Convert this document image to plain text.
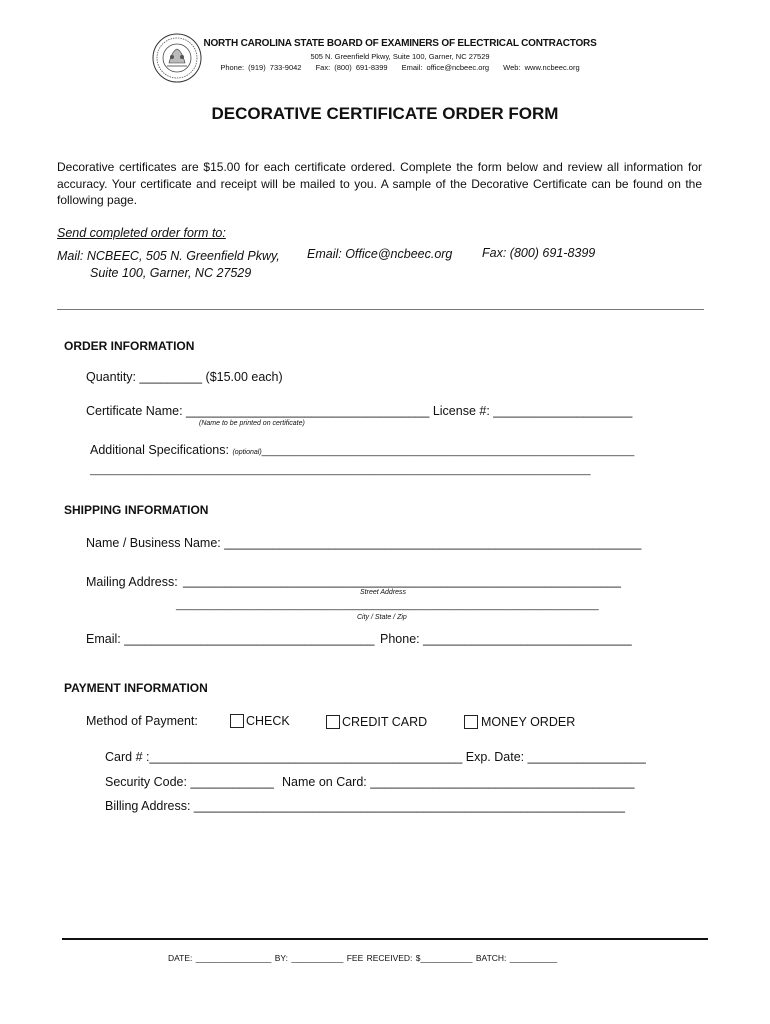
NORTH CAROLINA STATE BOARD OF EXAMINERS OF ELECTRICAL CONTRACTORS
505 N. Greenfield Pkwy, Suite 100, Garner, NC 27529
Phone: (919) 733-9042 Fax: (800) 691-8399 Email: office@ncbeec.org Web: www.ncbeec.org
DECORATIVE CERTIFICATE ORDER FORM
Decorative certificates are $15.00 for each certificate ordered. Complete the form below and review all information for accuracy. Your certificate and receipt will be mailed to you. A sample of the Decorative Certificate can be found on the following page.
Send completed order form to:
Mail: NCBEEC, 505 N. Greenfield Pkwy,
Suite 100, Garner, NC 27529
Email: Office@ncbeec.org Fax: (800) 691-8399
ORDER INFORMATION
Quantity: _________ ($15.00 each)
Certificate Name: ___________________________________ License #: ____________________
(Name to be printed on certificate)
Additional Specifications: (optional)___________________________________________________________________
__________________________________________________________________________________________
SHIPPING INFORMATION
Name / Business Name: ____________________________________________________________
Mailing Address: _______________________________________________________________
Street Address
____________________________________________________________________________
City / State / Zip
Email: ____________________________________ Phone: ______________________________
PAYMENT INFORMATION
Method of Payment:	CHECK	CREDIT CARD	MONEY ORDER
Card # :_____________________________________________ Exp. Date: _________________
Security Code: ____________ Name on Card: ______________________________________
Billing Address: ______________________________________________________________
DATE: ________________ BY: ___________ FEE RECEIVED: $___________ BATCH: __________
